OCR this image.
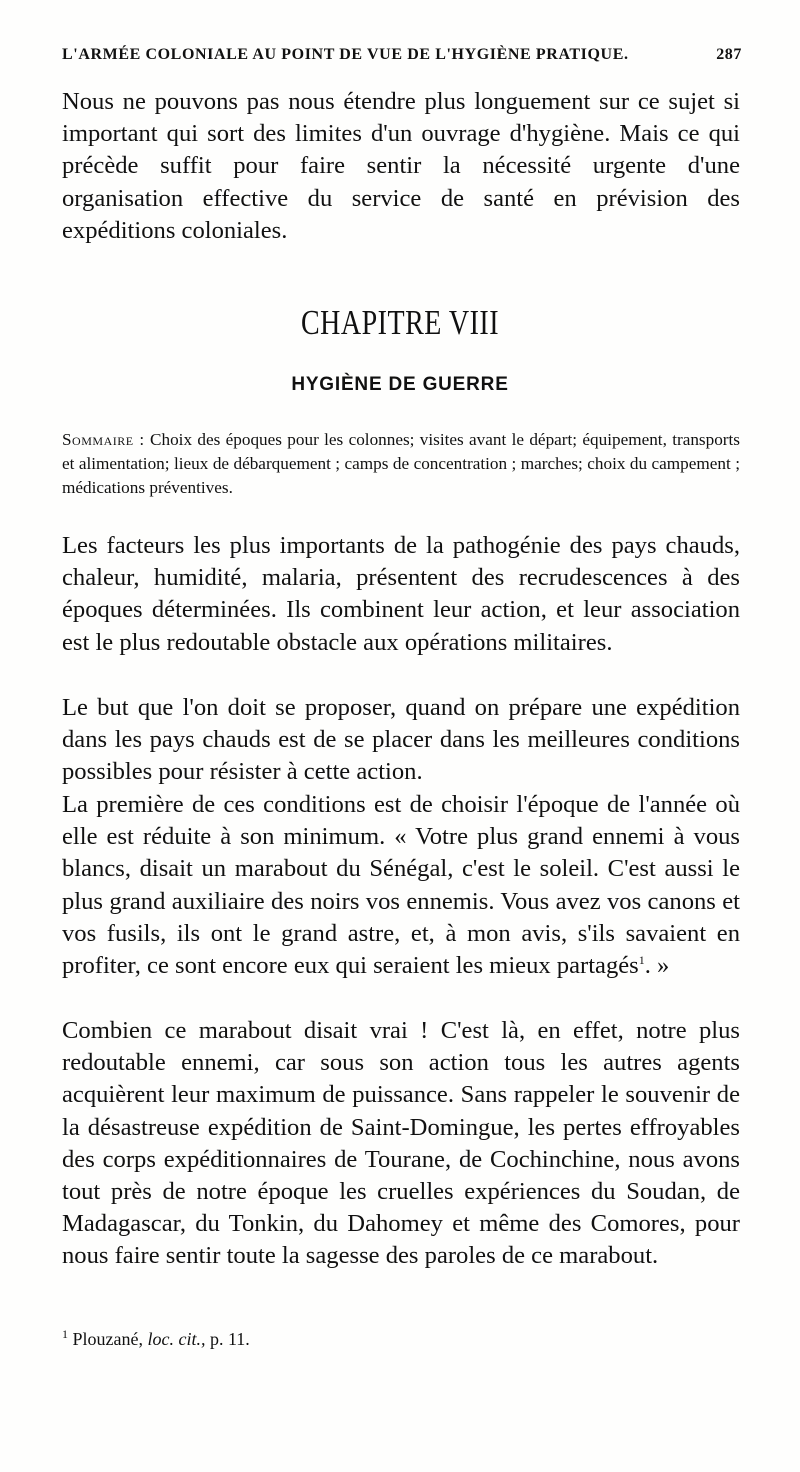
L'ARMÉE COLONIALE AU POINT DE VUE DE L'HYGIÈNE PRATIQUE.	287

Nous ne pouvons pas nous étendre plus longuement sur ce sujet si important qui sort des limites d'un ouvrage d'hygiène. Mais ce qui précède suffit pour faire sentir la nécessité urgente d'une organisation effective du service de santé en prévision des expéditions coloniales.

CHAPITRE VIII
HYGIÈNE DE GUERRE

Sommaire : Choix des époques pour les colonnes; visites avant le départ; équipement, transports et alimentation; lieux de débarquement ; camps de concentration ; marches; choix du campement ; médications préventives.

Les facteurs les plus importants de la pathogénie des pays chauds, chaleur, humidité, malaria, présentent des recrudescences à des époques déterminées. Ils combinent leur action, et leur association est le plus redoutable obstacle aux opérations militaires.

Le but que l'on doit se proposer, quand on prépare une expédition dans les pays chauds est de se placer dans les meilleures conditions possibles pour résister à cette action.

La première de ces conditions est de choisir l'époque de l'année où elle est réduite à son minimum. « Votre plus grand ennemi à vous blancs, disait un marabout du Sénégal, c'est le soleil. C'est aussi le plus grand auxiliaire des noirs vos ennemis. Vous avez vos canons et vos fusils, ils ont le grand astre, et, à mon avis, s'ils savaient en profiter, ce sont encore eux qui seraient les mieux partagés$^1$. »

Combien ce marabout disait vrai ! C'est là, en effet, notre plus redoutable ennemi, car sous son action tous les autres agents acquièrent leur maximum de puissance. Sans rappeler le souvenir de la désastreuse expédition de Saint-Domingue, les pertes effroyables des corps expéditionnaires de Tourane, de Cochinchine, nous avons tout près de notre époque les cruelles expériences du Soudan, de Madagascar, du Tonkin, du Dahomey et même des Comores, pour nous faire sentir toute la sagesse des paroles de ce marabout.

$^1$ Plouzané, loc. cit., p. 11.
